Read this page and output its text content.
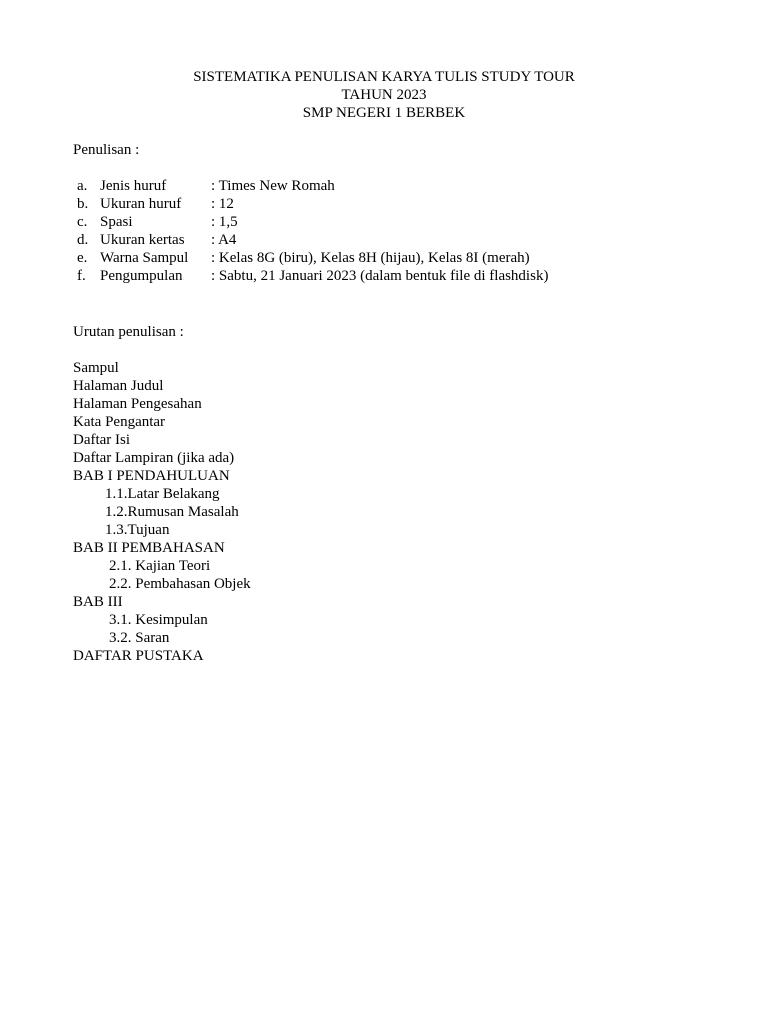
SISTEMATIKA PENULISAN KARYA TULIS STUDY TOUR
TAHUN 2023
SMP NEGERI 1 BERBEK
Penulisan :
a. Jenis huruf	: Times New Romah
b. Ukuran huruf : 12
c. Spasi	: 1,5
d. Ukuran kertas : A4
e. Warna Sampul : Kelas 8G (biru), Kelas 8H (hijau), Kelas 8I (merah)
f. Pengumpulan : Sabtu, 21 Januari 2023 (dalam bentuk file di flashdisk)
Urutan penulisan :
Sampul
Halaman Judul
Halaman Pengesahan
Kata Pengantar
Daftar Isi
Daftar Lampiran (jika ada)
BAB I PENDAHULUAN
1.1.Latar Belakang
1.2.Rumusan Masalah
1.3.Tujuan
BAB II PEMBAHASAN
2.1. Kajian Teori
2.2. Pembahasan Objek
BAB III
3.1. Kesimpulan
3.2. Saran
DAFTAR PUSTAKA
